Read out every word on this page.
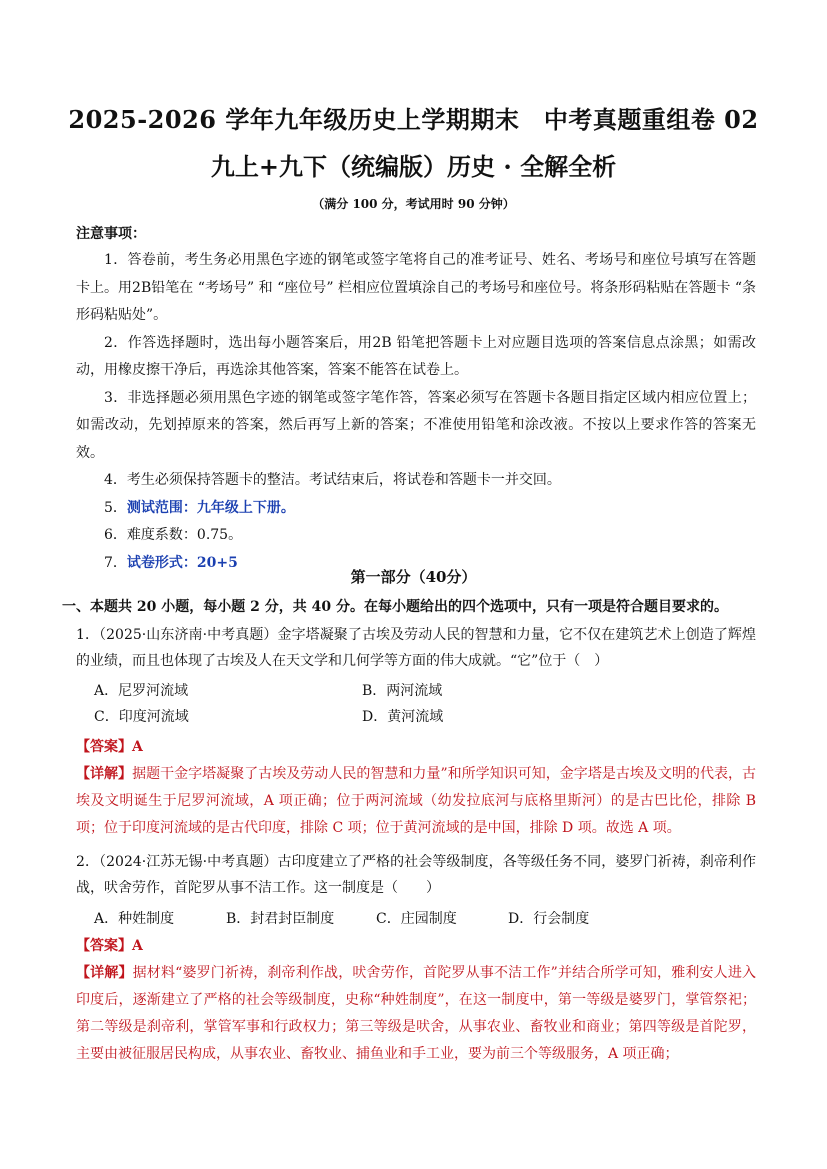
2025-2026 学年九年级历史上学期期末　中考真题重组卷 02
九上+九下（统编版）历史 · 全解全析
（满分 100 分，考试用时 90 分钟）
注意事项：

1．答卷前，考生务必用黑色字迹的钢笔或签字笔将自己的准考证号、姓名、考场号和座位号填写在答题卡上。用2B铅笔在 “考场号” 和 “座位号” 栏相应位置填涂自己的考场号和座位号。将条形码粘贴在答题卡 “条形码粘贴处”。

2．作答选择题时，选出每小题答案后，用2B 铅笔把答题卡上对应题目选项的答案信息点涂黑；如需改动，用橡皮擦干净后，再选涂其他答案，答案不能答在试卷上。

3．非选择题必须用黑色字迹的钢笔或签字笔作答，答案必须写在答题卡各题目指定区域内相应位置上；如需改动，先划掉原来的答案，然后再写上新的答案；不准使用铅笔和涂改液。不按以上要求作答的答案无效。

4．考生必须保持答题卡的整洁。考试结束后，将试卷和答题卡一并交回。

5．测试范围：九年级上下册。

6．难度系数：0.75。

7．试卷形式：20+5

第一部分（40分）
一、本题共 20 小题，每小题 2 分，共 40 分。在每小题给出的四个选项中，只有一项是符合题目要求的。
1．（2025·山东济南·中考真题）金字塔凝聚了古埃及劳动人民的智慧和力量，它不仅在建筑艺术上创造了辉煌的业绩，而且也体现了古埃及人在天文学和几何学等方面的伟大成就。“它”位于（　）
A．尼罗河流域	B．两河流域
C．印度河流域	D．黄河流域
【答案】A
【详解】据题干金字塔凝聚了古埃及劳动人民的智慧和力量”和所学知识可知，金字塔是古埃及文明的代表，古埃及文明诞生于尼罗河流域，A 项正确；位于两河流域（幼发拉底河与底格里斯河）的是古巴比伦，排除 B 项；位于印度河流域的是古代印度，排除 C 项；位于黄河流域的是中国，排除 D 项。故选 A 项。
2．（2024·江苏无锡·中考真题）古印度建立了严格的社会等级制度，各等级任务不同，婆罗门祈祷，刹帝利作战，吠舍劳作，首陀罗从事不洁工作。这一制度是（　　）
A．种姓制度	B．封君封臣制度	C．庄园制度	D．行会制度
【答案】A
【详解】据材料“婆罗门祈祷，刹帝利作战，吠舍劳作，首陀罗从事不洁工作”并结合所学可知，雅利安人进入印度后，逐渐建立了严格的社会等级制度，史称“种姓制度”，在这一制度中，第一等级是婆罗门，掌管祭祀；第二等级是刹帝利，掌管军事和行政权力；第三等级是吠舍，从事农业、畜牧业和商业；第四等级是首陀罗，主要由被征服居民构成，从事农业、畜牧业、捕鱼业和手工业，要为前三个等级服务，A 项正确；
